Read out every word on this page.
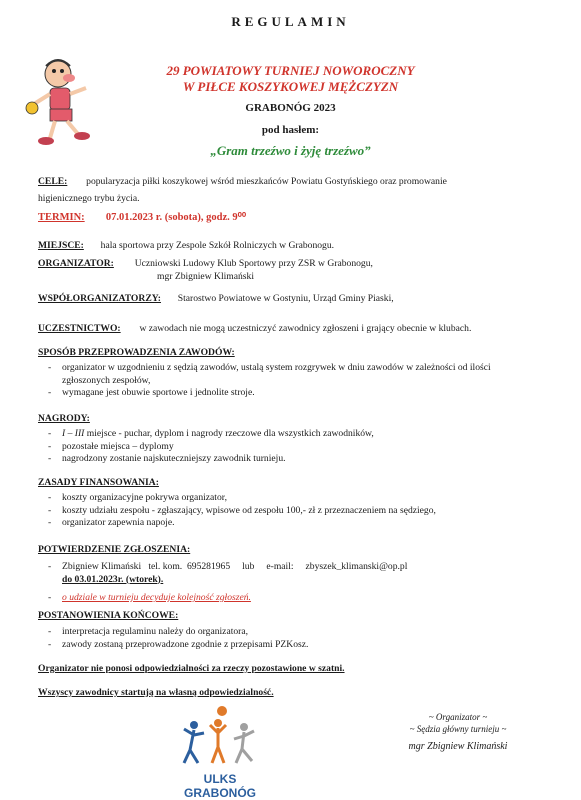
REGULAMIN
29 POWIATOWY TURNIEJ NOWOROCZNY
W PIŁCE KOSZYKOWEJ MĘŻCZYZN
GRABONÓG 2023
pod hasłem:
„Gram trzeźwo i żyję trzeźwo”
CELE: popularyzacja piłki koszykowej wśród mieszkańców Powiatu Gostyńskiego oraz promowanie
higienicznego trybu życia.
TERMIN: 07.01.2023 r. (sobota), godz. 9⁰⁰
MIEJSCE: hala sportowa przy Zespole Szkół Rolniczych w Grabonogu.
ORGANIZATOR: Uczniowski Ludowy Klub Sportowy przy ZSR w Grabonogu,
mgr Zbigniew Klimański
WSPÓŁORGANIZATORZY: Starostwo Powiatowe w Gostyniu, Urząd Gminy Piaski,
UCZESTNICTWO: w zawodach nie mogą uczestniczyć zawodnicy zgłoszeni i grający obecnie w klubach.
SPOSÓB PRZEPROWADZENIA ZAWODÓW:
- organizator w uzgodnieniu z sędzią zawodów, ustalą system rozgrywek w dniu zawodów w zależności od ilości
zgłoszonych zespołów,
- wymagane jest obuwie sportowe i jednolite stroje.
NAGRODY:
- I – III miejsce - puchar, dyplom i nagrody rzeczowe dla wszystkich zawodników,
- pozostałe miejsca – dyplomy
- nagrodzony zostanie najskuteczniejszy zawodnik turnieju.
ZASADY FINANSOWANIA:
- koszty organizacyjne pokrywa organizator,
- koszty udziału zespołu - zgłaszający, wpisowe od zespołu 100,- zł z przeznaczeniem na sędziego,
- organizator zapewnia napoje.
POTWIERDZENIE ZGŁOSZENIA:
- Zbigniew Klimański   tel. kom.  695281965     lub     e-mail:     zbyszek_klimanski@op.pl
do 03.01.2023r. (wtorek).
- o udziale w turnieju decyduje kolejność zgłoszeń.
POSTANOWIENIA KOŃCOWE:
- interpretacja regulaminu należy do organizatora,
- zawody zostaną przeprowadzone zgodnie z przepisami PZKosz.
Organizator nie ponosi odpowiedzialności za rzeczy pozostawione w szatni.
Wszyscy zawodnicy startują na własną odpowiedzialność.
ULKS GRABONÓG
~ Organizator ~
~ Sędzia główny turnieju ~
mgr Zbigniew Klimański
